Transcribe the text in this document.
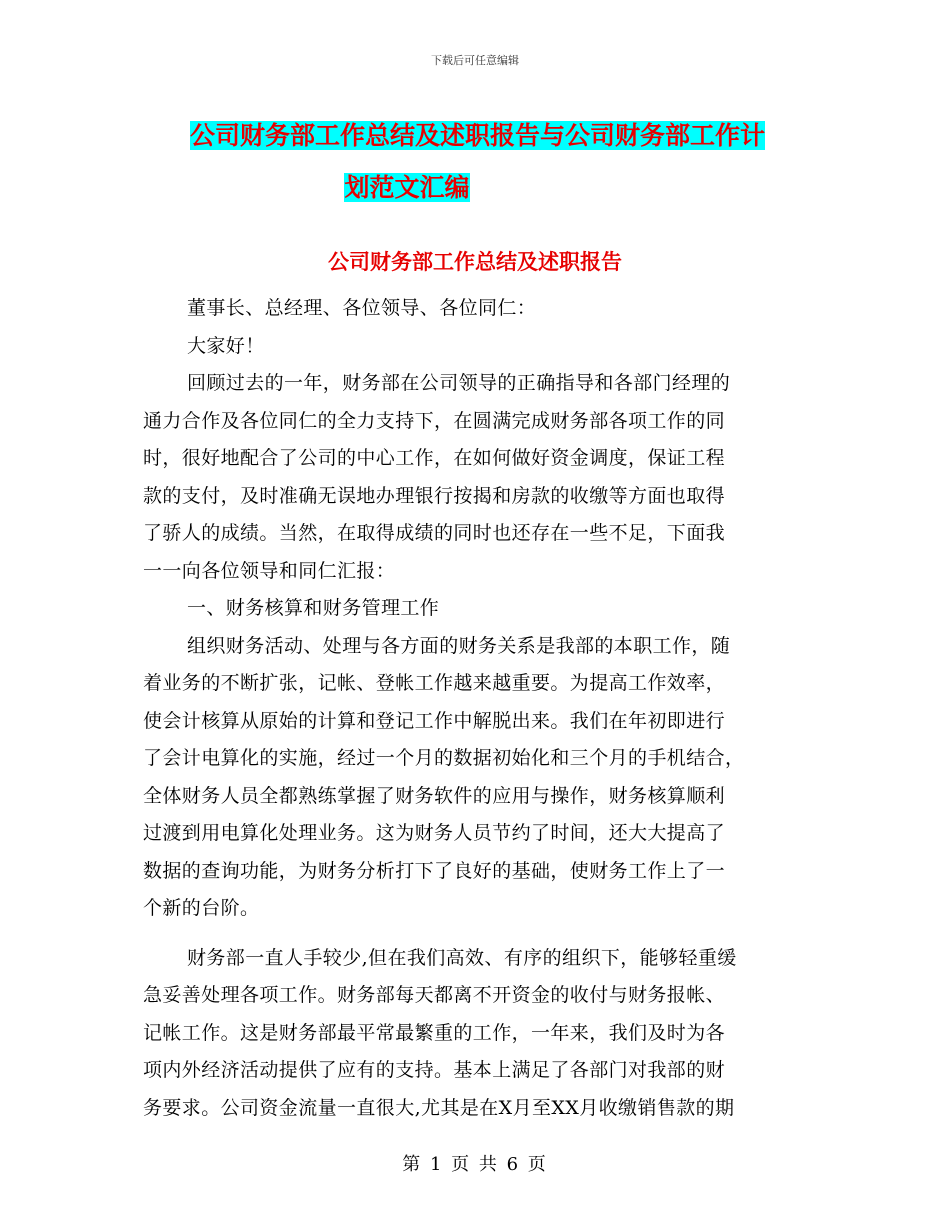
下载后可任意编辑
公司财务部工作总结及述职报告与公司财务部工作计
划范文汇编
公司财务部工作总结及述职报告
董事长、总经理、各位领导、各位同仁：
大家好！
回顾过去的一年，财务部在公司领导的正确指导和各部门经理的
通力合作及各位同仁的全力支持下，在圆满完成财务部各项工作的同
时，很好地配合了公司的中心工作，在如何做好资金调度，保证工程
款的支付，及时准确无误地办理银行按揭和房款的收缴等方面也取得
了骄人的成绩。当然，在取得成绩的同时也还存在一些不足，下面我
一一向各位领导和同仁汇报：
一、财务核算和财务管理工作
组织财务活动、处理与各方面的财务关系是我部的本职工作，随
着业务的不断扩张，记帐、登帐工作越来越重要。为提高工作效率，
使会计核算从原始的计算和登记工作中解脱出来。我们在年初即进行
了会计电算化的实施，经过一个月的数据初始化和三个月的手机结合，
全体财务人员全都熟练掌握了财务软件的应用与操作，财务核算顺利
过渡到用电算化处理业务。这为财务人员节约了时间，还大大提高了
数据的查询功能，为财务分析打下了良好的基础，使财务工作上了一
个新的台阶。
财务部一直人手较少,但在我们高效、有序的组织下，能够轻重缓
急妥善处理各项工作。财务部每天都离不开资金的收付与财务报帐、
记帐工作。这是财务部最平常最繁重的工作，一年来，我们及时为各
项内外经济活动提供了应有的支持。基本上满足了各部门对我部的财
务要求。公司资金流量一直很大,尤其是在X月至XX月收缴销售款的期
第 1 页 共 6 页
